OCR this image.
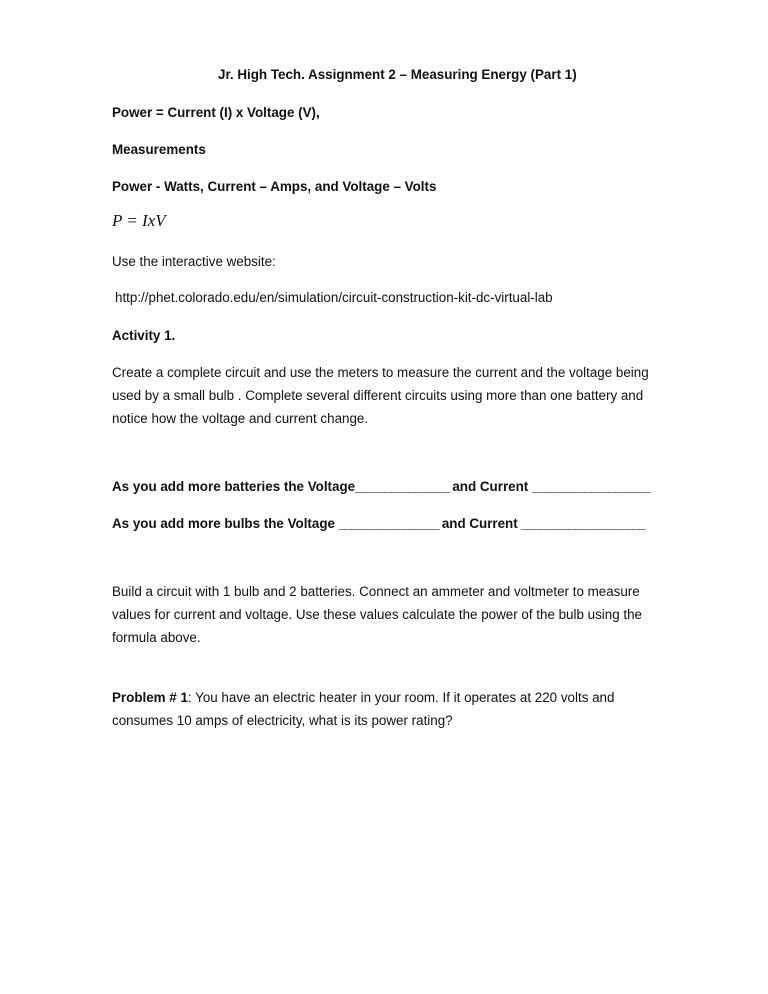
Jr. High Tech. Assignment 2 – Measuring Energy (Part 1)
Power = Current (I) x Voltage (V),
Measurements
Power - Watts, Current – Amps, and Voltage – Volts
P = IxV
Use the interactive website:
http://phet.colorado.edu/en/simulation/circuit-construction-kit-dc-virtual-lab
Activity 1.
Create a complete circuit and use the meters to measure the current and the voltage being used by a small bulb . Complete several different circuits using more than one battery and notice how the voltage and current change.
As you add more batteries the Voltage________________ and Current ____________________
As you add more bulbs the Voltage _________________ and Current _____________________
Build a circuit with 1 bulb and 2 batteries. Connect an ammeter and voltmeter to measure values for current and voltage. Use these values calculate the power of the bulb using the formula above.
Problem # 1: You have an electric heater in your room. If it operates at 220 volts and consumes 10 amps of electricity, what is its power rating?
